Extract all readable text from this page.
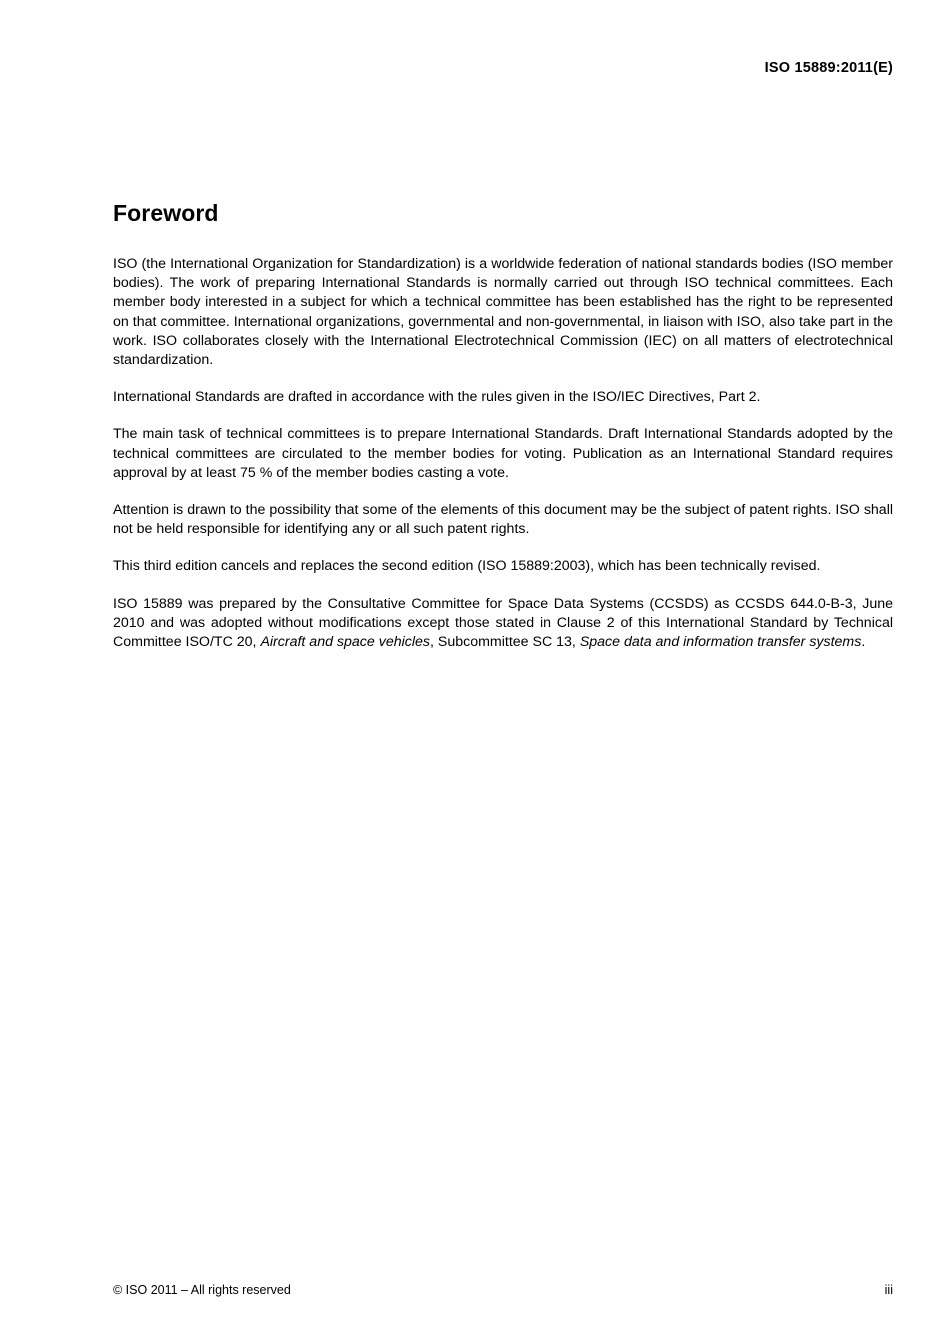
ISO 15889:2011(E)
Foreword

ISO (the International Organization for Standardization) is a worldwide federation of national standards bodies (ISO member bodies). The work of preparing International Standards is normally carried out through ISO technical committees. Each member body interested in a subject for which a technical committee has been established has the right to be represented on that committee. International organizations, governmental and non-governmental, in liaison with ISO, also take part in the work. ISO collaborates closely with the International Electrotechnical Commission (IEC) on all matters of electrotechnical standardization.

International Standards are drafted in accordance with the rules given in the ISO/IEC Directives, Part 2.

The main task of technical committees is to prepare International Standards. Draft International Standards adopted by the technical committees are circulated to the member bodies for voting. Publication as an International Standard requires approval by at least 75 % of the member bodies casting a vote.

Attention is drawn to the possibility that some of the elements of this document may be the subject of patent rights. ISO shall not be held responsible for identifying any or all such patent rights.

This third edition cancels and replaces the second edition (ISO 15889:2003), which has been technically revised.

ISO 15889 was prepared by the Consultative Committee for Space Data Systems (CCSDS) as CCSDS 644.0-B-3, June 2010 and was adopted without modifications except those stated in Clause 2 of this International Standard by Technical Committee ISO/TC 20, Aircraft and space vehicles, Subcommittee SC 13, Space data and information transfer systems.

© ISO 2011 – All rights reserved	iii
